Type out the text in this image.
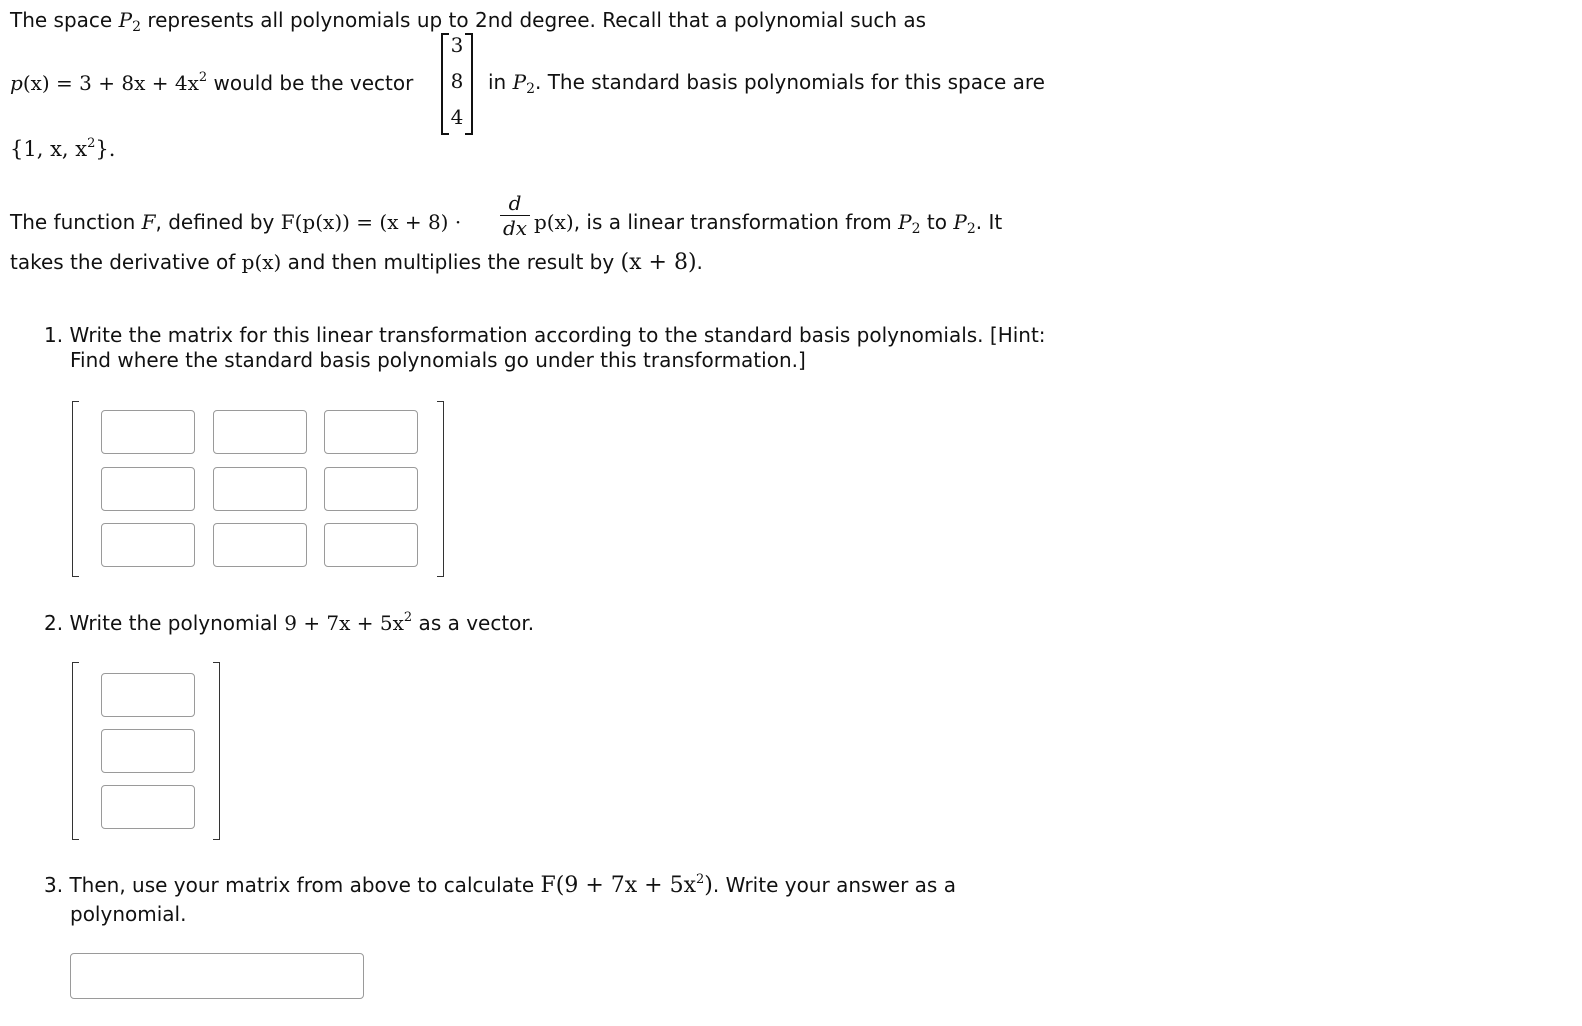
The space $P_2$ represents all polynomials up to 2nd degree. Recall that a polynomial such as
$p(x) = 3 + 8x + 4x^2$ would be the vector
3
8
4
in $P_2$. The standard basis polynomials for this space are
{1, x, $x^2$}.
The function F, defined by F(p(x)) = (x + 8) ·
d
dx p(x), is a linear transformation from $P_2$ to $P_2$. It
takes the derivative of p(x) and then multiplies the result by (x + 8).
1. Write the matrix for this linear transformation according to the standard basis polynomials. [Hint:
Find where the standard basis polynomials go under this transformation.]
2. Write the polynomial $9 + 7x + 5x^2$ as a vector.
3. Then, use your matrix from above to calculate $F(9 + 7x + 5x^2)$. Write your answer as a
polynomial.
